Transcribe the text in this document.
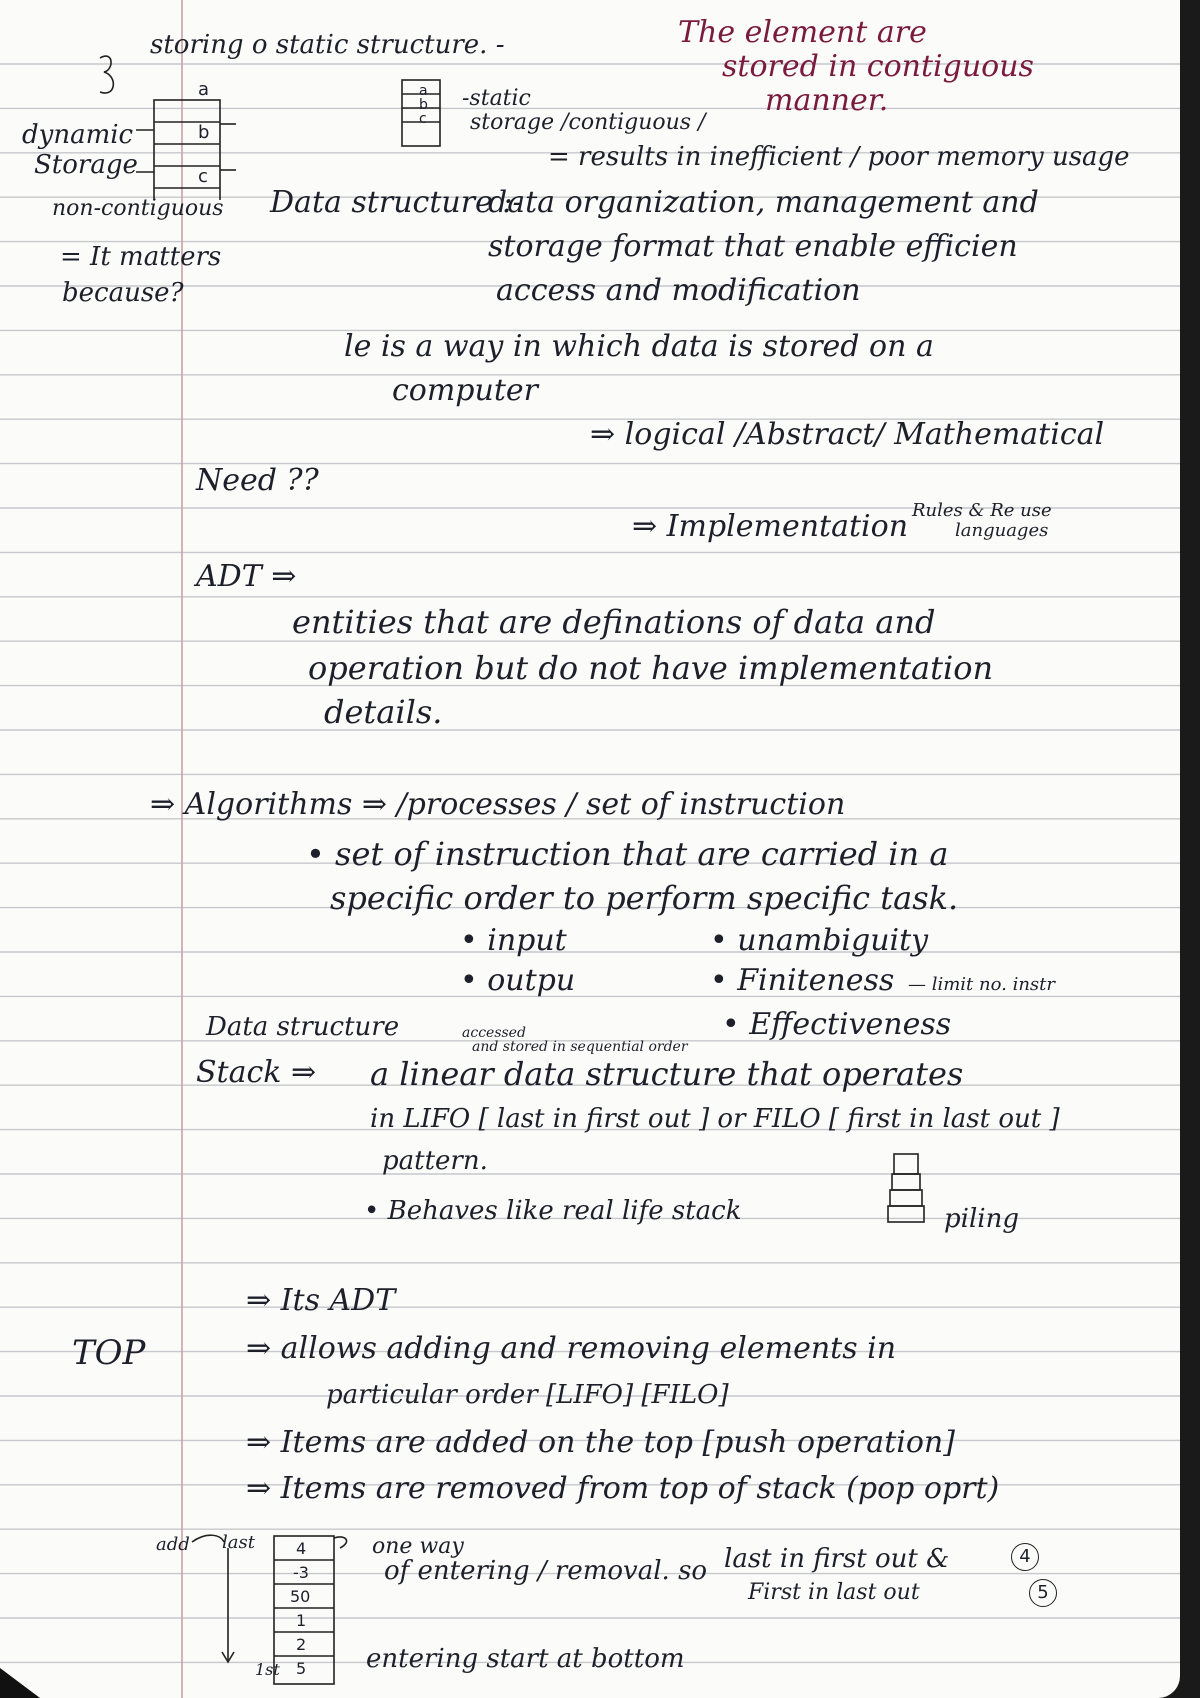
storing o static structure. -	The element are
stored in contiguous
manner.
dynamic
Storage
a
b
c
a
b
c
-static
storage /contiguous /
= results in inefficient / poor memory usage
non-contiguous Data structure :-
data organization, management and
storage format that enable efficien
access and modification
= It matters
because?
le is a way in which data is stored on a
computer
⇒ logical /Abstract/ Mathematical
Need ??
⇒ Implementation Rules & Re use
languages
ADT ⇒
entities that are definations of data and
operation but do not have implementation
details.
⇒ Algorithms ⇒ /processes / set of instruction
• set of instruction that are carried in a
specific order to perform specific task.
• input
• outpu
• unambiguity
• Finiteness — limit no. instr
• Effectiveness
Data structure	accessed
and stored in sequential order
Stack ⇒ a linear data structure that operates
in LIFO [ last in first out ] or FILO [ first in last out ]
pattern.
• Behaves like real life stack	piling
⇒ Its ADT
TOP	⇒ allows adding and removing elements in
particular order [LIFO] [FILO]
⇒ Items are added on the top [push operation]
⇒ Items are removed from top of stack (pop oprt)
add last
1st
4
-3
50
1
2
5
one way
of entering / removal. so last in first out &
First in last out
4
5
entering start at bottom
